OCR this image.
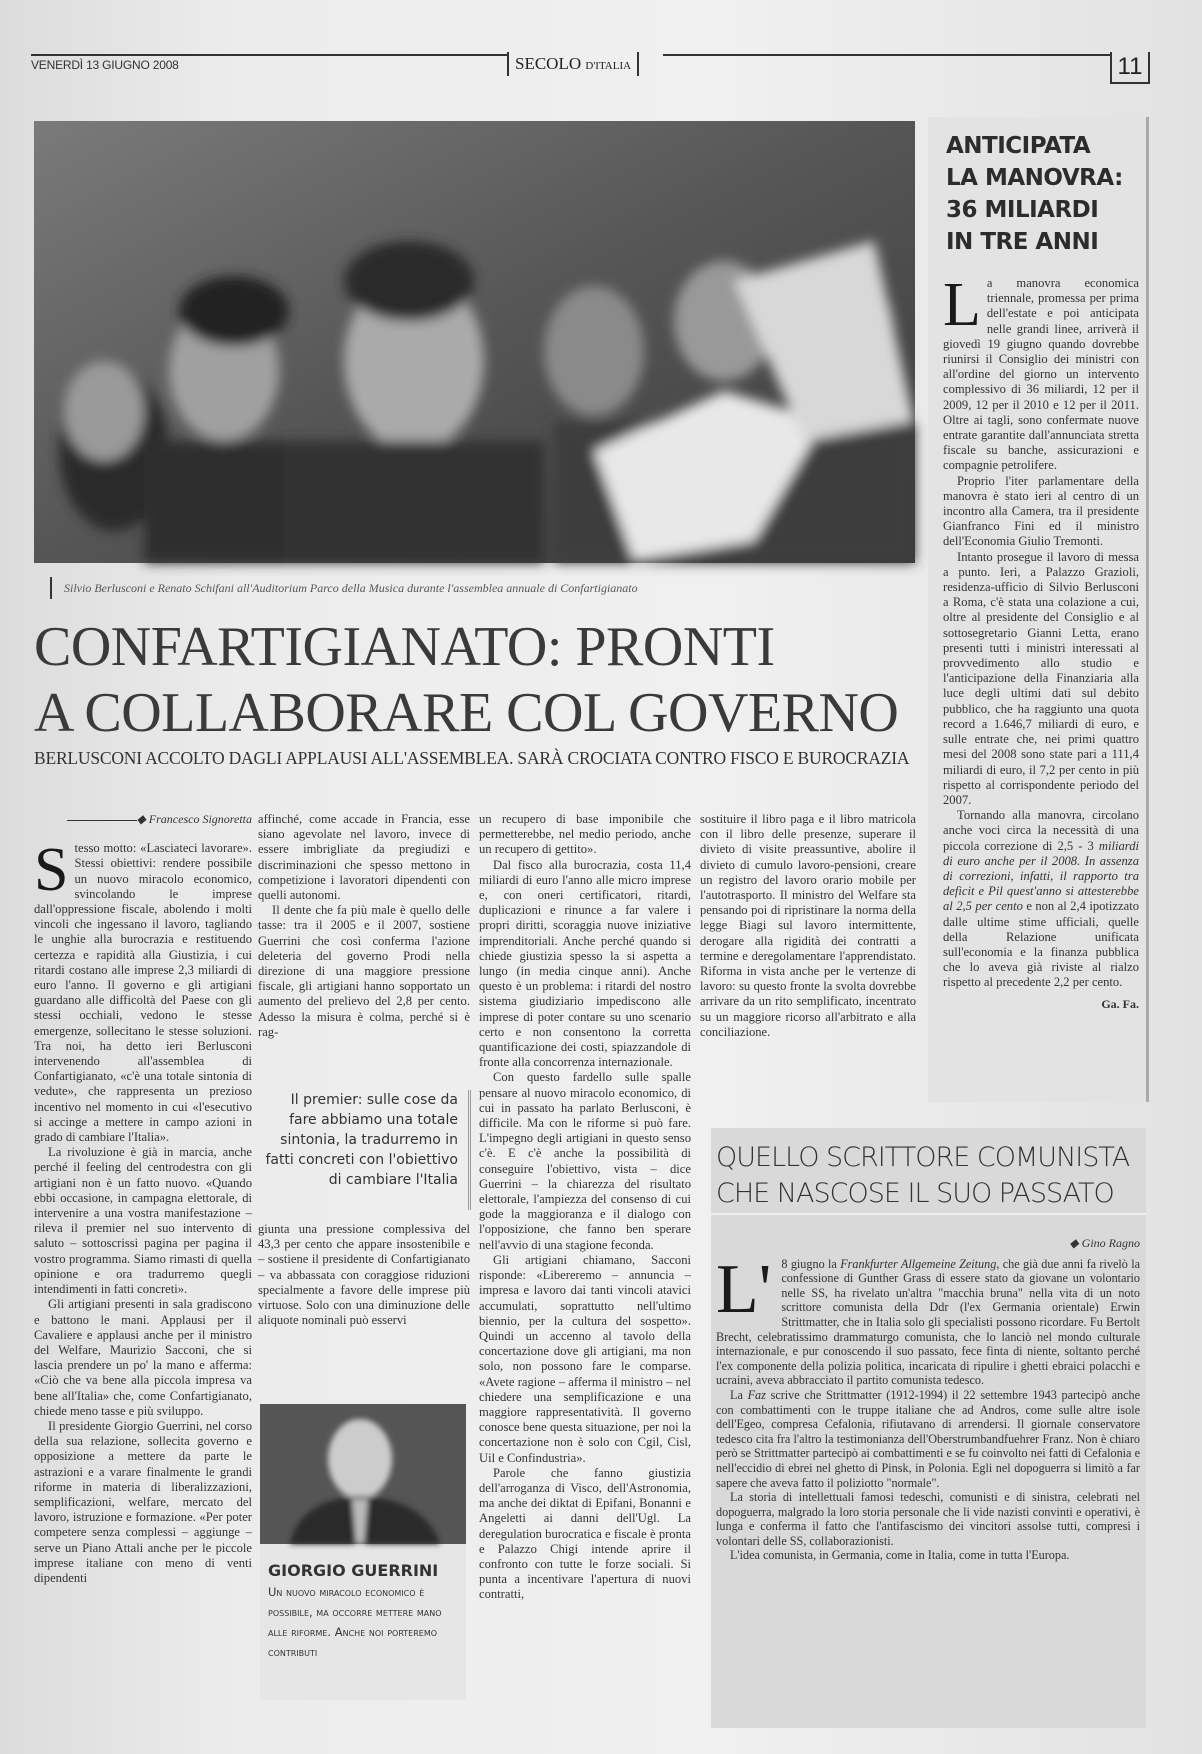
VENERDÌ 13 GIUGNO 2008	SECOLO D'ITALIA	11
Silvio Berlusconi e Renato Schifani all'Auditorium Parco della Musica durante l'assemblea annuale di Confartigianato
CONFARTIGIANATO: PRONTI
A COLLABORARE COL GOVERNO
BERLUSCONI ACCOLTO DAGLI APPLAUSI ALL'ASSEMBLEA. SARÀ CROCIATA CONTRO FISCO E BUROCRAZIA
◆ Francesco Signoretta
S tesso motto: «Lasciateci lavorare». Stessi obiettivi: rendere possibile un nuovo miracolo economico, svincolando le imprese dall'oppressione fiscale, abolendo i molti vincoli che ingessano il lavoro, tagliando le unghie alla burocrazia e restituendo certezza e rapidità alla Giustizia, i cui ritardi costano alle imprese 2,3 miliardi di euro l'anno. Il governo e gli artigiani guardano alle difficoltà del Paese con gli stessi occhiali, vedono le stesse emergenze, sollecitano le stesse soluzioni. Tra noi, ha detto ieri Berlusconi intervenendo all'assemblea di Confartigianato, «c'è una totale sintonia di vedute», che rappresenta un prezioso incentivo nel momento in cui «l'esecutivo si accinge a mettere in campo azioni in grado di cambiare l'Italia».

La rivoluzione è già in marcia, anche perché il feeling del centrodestra con gli artigiani non è un fatto nuovo. «Quando ebbi occasione, in campagna elettorale, di intervenire a una vostra manifestazione – rileva il premier nel suo intervento di saluto – sottoscrissi pagina per pagina il vostro programma. Siamo rimasti di quella opinione e ora tradurremo quegli intendimenti in fatti concreti».

Gli artigiani presenti in sala gradiscono e battono le mani. Applausi per il Cavaliere e applausi anche per il ministro del Welfare, Maurizio Sacconi, che si lascia prendere un po' la mano e afferma: «Ciò che va bene alla piccola impresa va bene all'Italia» che, come Confartigianato, chiede meno tasse e più sviluppo.

Il presidente Giorgio Guerrini, nel corso della sua relazione, sollecita governo e opposizione a mettere da parte le astrazioni e a varare finalmente le grandi riforme in materia di liberalizzazioni, semplificazioni, welfare, mercato del lavoro, istruzione e formazione. «Per poter competere senza complessi – aggiunge – serve un Piano Attali anche per le piccole imprese italiane con meno di venti dipendenti

affinché, come accade in Francia, esse siano agevolate nel lavoro, invece di essere imbrigliate da pregiudizi e discriminazioni che spesso mettono in competizione i lavoratori dipendenti con quelli autonomi.

Il dente che fa più male è quello delle tasse: tra il 2005 e il 2007, sostiene Guerrini che così conferma l'azione deleteria del governo Prodi nella direzione di una maggiore pressione fiscale, gli artigiani hanno sopportato un aumento del prelievo del 2,8 per cento. Adesso la misura è colma, perché si è rag-

Il premier: sulle cose da fare abbiamo una totale sintonia, la tradurremo in fatti concreti con l'obiettivo di cambiare l'Italia

giunta una pressione complessiva del 43,3 per cento che appare insostenibile e – sostiene il presidente di Confartigianato – va abbassata con coraggiose riduzioni specialmente a favore delle imprese più virtuose. Solo con una diminuzione delle aliquote nominali può esservi

GIORGIO GUERRINI
Un nuovo miracolo economico è possibile, ma occorre mettere mano alle riforme. Anche noi porteremo contributi

un recupero di base imponibile che permetterebbe, nel medio periodo, anche un recupero di gettito».

Dal fisco alla burocrazia, costa 11,4 miliardi di euro l'anno alle micro imprese e, con oneri certificatori, ritardi, duplicazioni e rinunce a far valere i propri diritti, scoraggia nuove iniziative imprenditoriali. Anche perché quando si chiede giustizia spesso la si aspetta a lungo (in media cinque anni). Anche questo è un problema: i ritardi del nostro sistema giudiziario impediscono alle imprese di poter contare su uno scenario certo e non consentono la corretta quantificazione dei costi, spiazzandole di fronte alla concorrenza internazionale.

Con questo fardello sulle spalle pensare al nuovo miracolo economico, di cui in passato ha parlato Berlusconi, è difficile. Ma con le riforme si può fare. L'impegno degli artigiani in questo senso c'è. E c'è anche la possibilità di conseguire l'obiettivo, vista – dice Guerrini – la chiarezza del risultato elettorale, l'ampiezza del consenso di cui gode la maggioranza e il dialogo con l'opposizione, che fanno ben sperare nell'avvio di una stagione feconda.

Gli artigiani chiamano, Sacconi risponde: «Libereremo – annuncia – impresa e lavoro dai tanti vincoli atavici accumulati, soprattutto nell'ultimo biennio, per la cultura del sospetto». Quindi un accenno al tavolo della concertazione dove gli artigiani, ma non solo, non possono fare le comparse. «Avete ragione – afferma il ministro – nel chiedere una semplificazione e una maggiore rappresentatività. Il governo conosce bene questa situazione, per noi la concertazione non è solo con Cgil, Cisl, Uil e Confindustria».

Parole che fanno giustizia dell'arroganza di Visco, dell'Astronomia, ma anche dei diktat di Epifani, Bonanni e Angeletti ai danni dell'Ugl. La deregulation burocratica e fiscale è pronta e Palazzo Chigi intende aprire il confronto con tutte le forze sociali. Si punta a incentivare l'apertura di nuovi contratti,

sostituire il libro paga e il libro matricola con il libro delle presenze, superare il divieto di visite preassuntive, abolire il divieto di cumulo lavoro-pensioni, creare un registro del lavoro orario mobile per l'autotrasporto. Il ministro del Welfare sta pensando poi di ripristinare la norma della legge Biagi sul lavoro intermittente, derogare alla rigidità dei contratti a termine e deregolamentare l'apprendistato. Riforma in vista anche per le vertenze di lavoro: su questo fronte la svolta dovrebbe arrivare da un rito semplificato, incentrato su un maggiore ricorso all'arbitrato e alla conciliazione.

ANTICIPATA
LA MANOVRA:
36 MILIARDI
IN TRE ANNI
L a manovra economica triennale, promessa per prima dell'estate e poi anticipata nelle grandi linee, arriverà il giovedì 19 giugno quando dovrebbe riunirsi il Consiglio dei ministri con all'ordine del giorno un intervento complessivo di 36 miliardi, 12 per il 2009, 12 per il 2010 e 12 per il 2011. Oltre ai tagli, sono confermate nuove entrate garantite dall'annunciata stretta fiscale su banche, assicurazioni e compagnie petrolifere.

Proprio l'iter parlamentare della manovra è stato ieri al centro di un incontro alla Camera, tra il presidente Gianfranco Fini ed il ministro dell'Economia Giulio Tremonti.

Intanto prosegue il lavoro di messa a punto. Ieri, a Palazzo Grazioli, residenza-ufficio di Silvio Berlusconi a Roma, c'è stata una colazione a cui, oltre al presidente del Consiglio e al sottosegretario Gianni Letta, erano presenti tutti i ministri interessati al provvedimento allo studio e l'anticipazione della Finanziaria alla luce degli ultimi dati sul debito pubblico, che ha raggiunto una quota record a 1.646,7 miliardi di euro, e sulle entrate che, nei primi quattro mesi del 2008 sono state pari a 111,4 miliardi di euro, il 7,2 per cento in più rispetto al corrispondente periodo del 2007.

Tornando alla manovra, circolano anche voci circa la necessità di una piccola correzione di 2,5 - 3 miliardi di euro anche per il 2008. In assenza di correzioni, infatti, il rapporto tra deficit e Pil quest'anno si attesterebbe al 2,5 per cento e non al 2,4 ipotizzato dalle ultime stime ufficiali, quelle della Relazione unificata sull'economia e la finanza pubblica che lo aveva già riviste al rialzo rispetto al precedente 2,2 per cento.

Ga. Fa.
QUELLO SCRITTORE COMUNISTA
CHE NASCOSE IL SUO PASSATO
◆ Gino Ragno
L' 8 giugno la Frankfurter Allgemeine Zeitung, che già due anni fa rivelò la confessione di Gunther Grass di essere stato da giovane un volontario nelle SS, ha rivelato un'altra "macchia bruna" nella vita di un noto scrittore comunista della Ddr (l'ex Germania orientale) Erwin Strittmatter, che in Italia solo gli specialisti possono ricordare. Fu Bertolt Brecht, celebratissimo drammaturgo comunista, che lo lanciò nel mondo culturale internazionale, e pur conoscendo il suo passato, fece finta di niente, soltanto perché l'ex componente della polizia politica, incaricata di ripulire i ghetti ebraici polacchi e ucraini, aveva abbracciato il partito comunista tedesco.

La Faz scrive che Strittmatter (1912-1994) il 22 settembre 1943 partecipò anche con combattimenti con le truppe italiane che ad Andros, come sulle altre isole dell'Egeo, compresa Cefalonia, rifiutavano di arrendersi. Il giornale conservatore tedesco cita fra l'altro la testimonianza dell'Oberstrumbandfuehrer Franz. Non è chiaro però se Strittmatter partecipò ai combattimenti e se fu coinvolto nei fatti di Cefalonia e nell'eccidio di ebrei nel ghetto di Pinsk, in Polonia. Egli nel dopoguerra si limitò a far sapere che aveva fatto il poliziotto "normale".

La storia di intellettuali famosi tedeschi, comunisti e di sinistra, celebrati nel dopoguerra, malgrado la loro storia personale che li vide nazisti convinti e operativi, è lunga e conferma il fatto che l'antifascismo dei vincitori assolse tutti, compresi i volontari delle SS, collaborazionisti.

L'idea comunista, in Germania, come in Italia, come in tutta l'Europa.
